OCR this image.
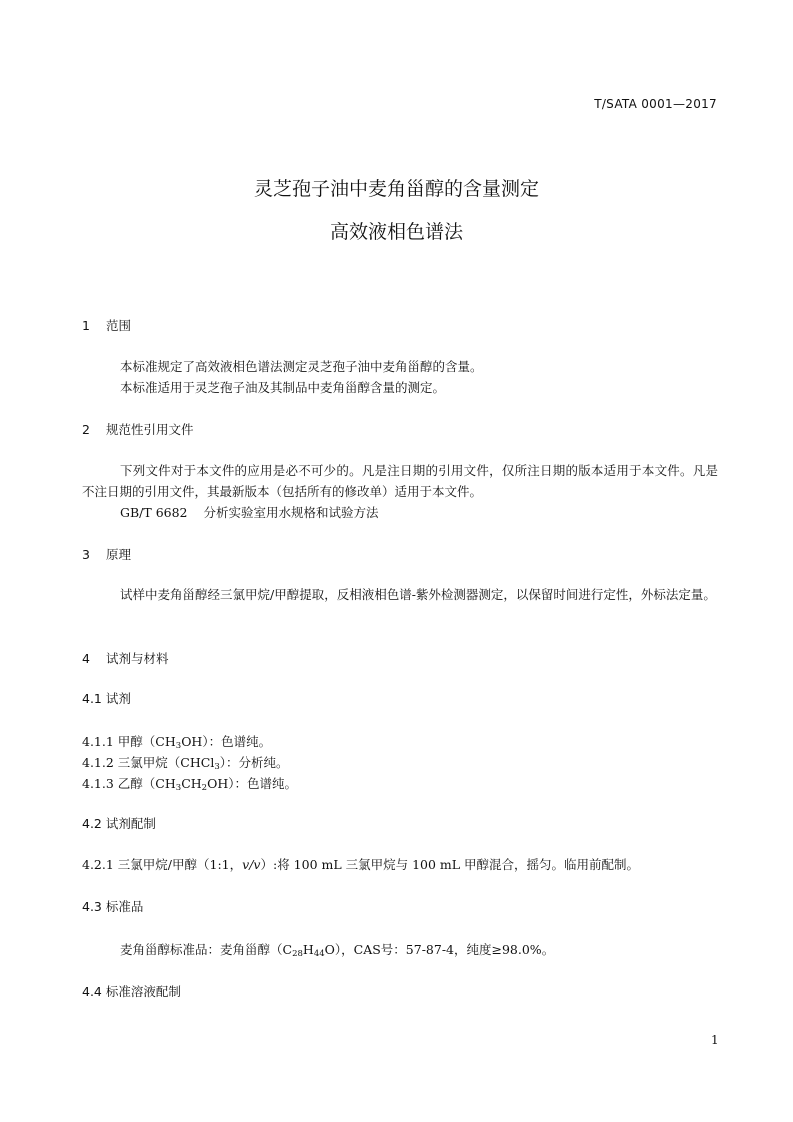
T/SATA 0001—2017
灵芝孢子油中麦角甾醇的含量测定
高效液相色谱法
1 范围

本标准规定了高效液相色谱法测定灵芝孢子油中麦角甾醇的含量。

本标准适用于灵芝孢子油及其制品中麦角甾醇含量的测定。

2 规范性引用文件

下列文件对于本文件的应用是必不可少的。凡是注日期的引用文件，仅所注日期的版本适用于本文件。凡是不注日期的引用文件，其最新版本（包括所有的修改单）适用于本文件。

GB/T 6682 分析实验室用水规格和试验方法

3 原理

试样中麦角甾醇经三氯甲烷/甲醇提取，反相液相色谱-紫外检测器测定，以保留时间进行定性，外标法定量。

4 试剂与材料
4.1 试剂

4.1.1 甲醇$(CH_3OH)$：色谱纯。

4.1.2 三氯甲烷（CHCl$_3$）：分析纯。

4.1.3 乙醇$(CH_3CH_2OH)$：色谱纯。

4.2 试剂配制

4.2.1 三氯甲烷/甲醇（1:1，v/v）:将 100 mL 三氯甲烷与 100 mL 甲醇混合，摇匀。临用前配制。

4.3 标准品

麦角甾醇标准品：麦角甾醇$(C_{28}H_{44}O)$，CAS号：57-87-4，纯度≥98.0%。

4.4 标准溶液配制
1
